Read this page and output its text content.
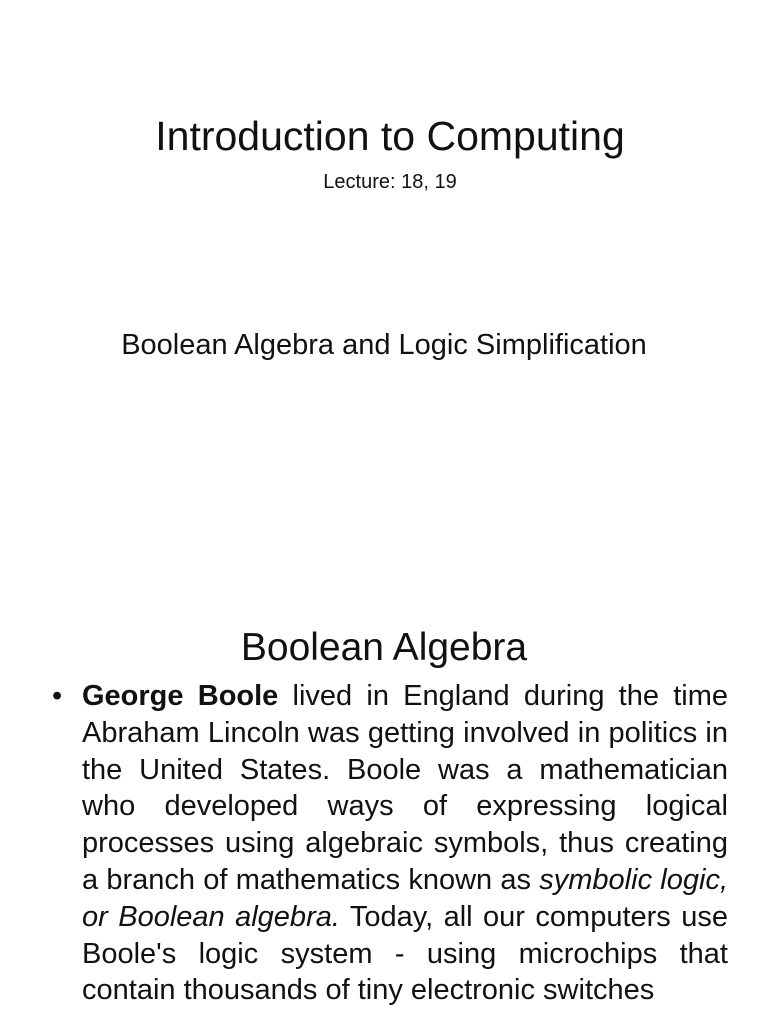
Introduction to Computing
Lecture: 18, 19
Boolean Algebra and Logic Simplification
Boolean Algebra
• George Boole lived in England during the time Abraham Lincoln was getting involved in politics in the United States. Boole was a mathematician who developed ways of expressing logical processes using algebraic symbols, thus creating a branch of mathematics known as symbolic logic, or Boolean algebra. Today, all our computers use Boole's logic system - using microchips that contain thousands of tiny electronic switches
